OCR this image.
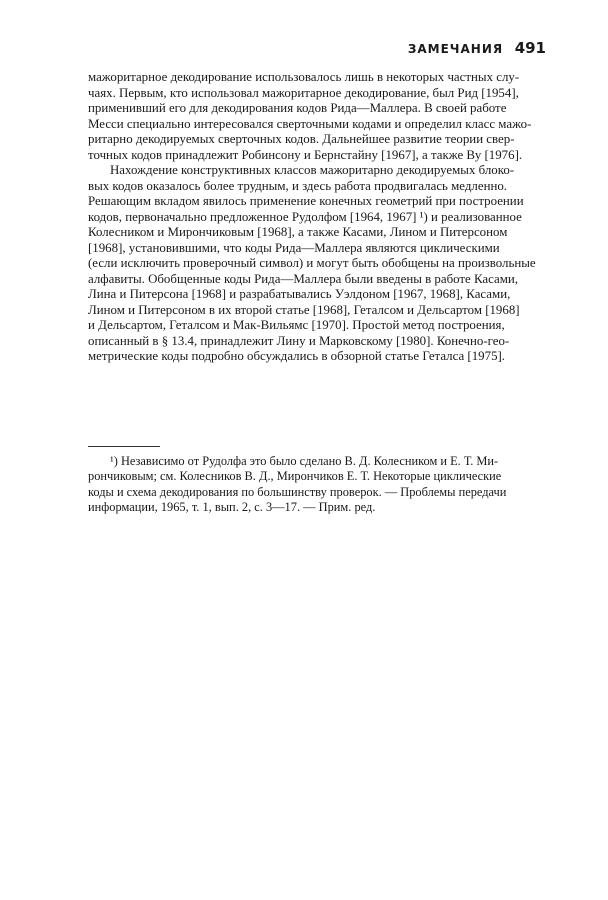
ЗАМЕЧАНИЯ 491
мажоритарное декодирование использовалось лишь в некоторых частных слу-
чаях. Первым, кто использовал мажоритарное декодирование, был Рид [1954],
применивший его для декодирования кодов Рида—Маллера. В своей работе
Месси специально интересовался сверточными кодами и определил класс мажо-
ритарно декодируемых сверточных кодов. Дальнейшее развитие теории свер-
точных кодов принадлежит Робинсону и Бернстайну [1967], а также Ву [1976].
Нахождение конструктивных классов мажоритарно декодируемых блоко-
вых кодов оказалось более трудным, и здесь работа продвигалась медленно.
Решающим вкладом явилось применение конечных геометрий при построении
кодов, первоначально предложенное Рудолфом [1964, 1967] ¹) и реализованное
Колесником и Мирончиковым [1968], а также Касами, Лином и Питерсоном
[1968], установившими, что коды Рида—Маллера являются циклическими
(если исключить проверочный символ) и могут быть обобщены на произвольные
алфавиты. Обобщенные коды Рида—Маллера были введены в работе Касами,
Лина и Питерсона [1968] и разрабатывались Уэлдоном [1967, 1968], Касами,
Лином и Питерсоном в их второй статье [1968], Геталсом и Дельсартом [1968]
и Дельсартом, Геталсом и Мак-Вильямс [1970]. Простой метод построения,
описанный в § 13.4, принадлежит Лину и Марковскому [1980]. Конечно-гео-
метрические коды подробно обсуждались в обзорной статье Геталса [1975].
¹) Независимо от Рудолфа это было сделано В. Д. Колесником и Е. Т. Ми-
рончиковым; см. Колесников В. Д., Мирончиков Е. Т. Некоторые циклические
коды и схема декодирования по большинству проверок. — Проблемы передачи
информации, 1965, т. 1, вып. 2, с. 3—17. — Прим. ред.
